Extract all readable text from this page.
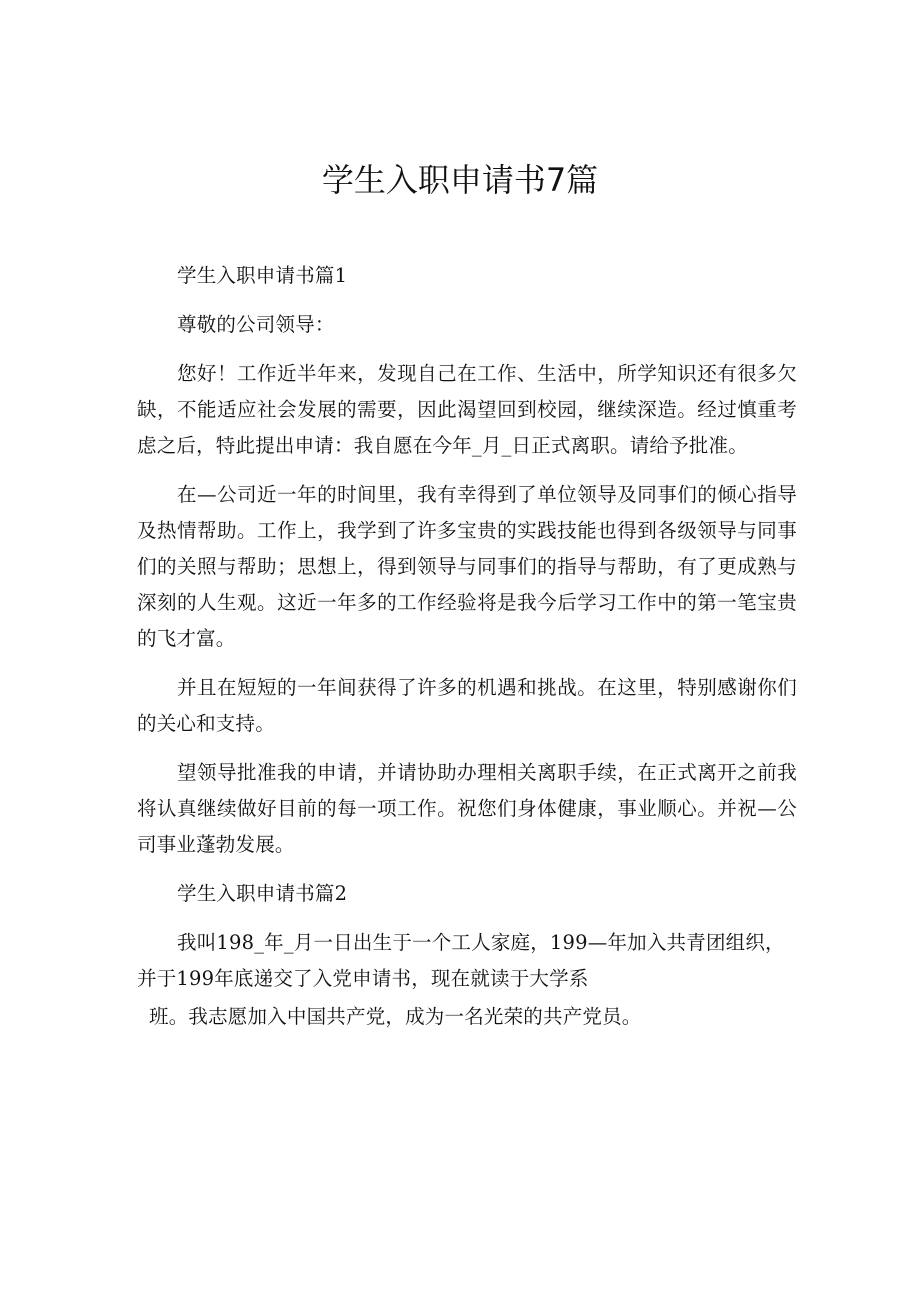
学生入职申请书7篇

学生入职申请书篇1

尊敬的公司领导：

您好！工作近半年来，发现自己在工作、生活中，所学知识还有很多欠缺，不能适应社会发展的需要，因此渴望回到校园，继续深造。经过慎重考虑之后，特此提出申请：我自愿在今年_月_日正式离职。请给予批准。

在—公司近一年的时间里，我有幸得到了单位领导及同事们的倾心指导及热情帮助。工作上，我学到了许多宝贵的实践技能也得到各级领导与同事们的关照与帮助；思想上，得到领导与同事们的指导与帮助，有了更成熟与深刻的人生观。这近一年多的工作经验将是我今后学习工作中的第一笔宝贵的飞才富。

并且在短短的一年间获得了许多的机遇和挑战。在这里，特别感谢你们的关心和支持。

望领导批准我的申请，并请协助办理相关离职手续，在正式离开之前我将认真继续做好目前的每一项工作。祝您们身体健康，事业顺心。并祝—公司事业蓬勃发展。

学生入职申请书篇2

我叫198_年_月一日出生于一个工人家庭，199—年加入共青团组织，

并于199年底递交了入党申请书，现在就读于大学系

班。我志愿加入中国共产党，成为一名光荣的共产党员。
